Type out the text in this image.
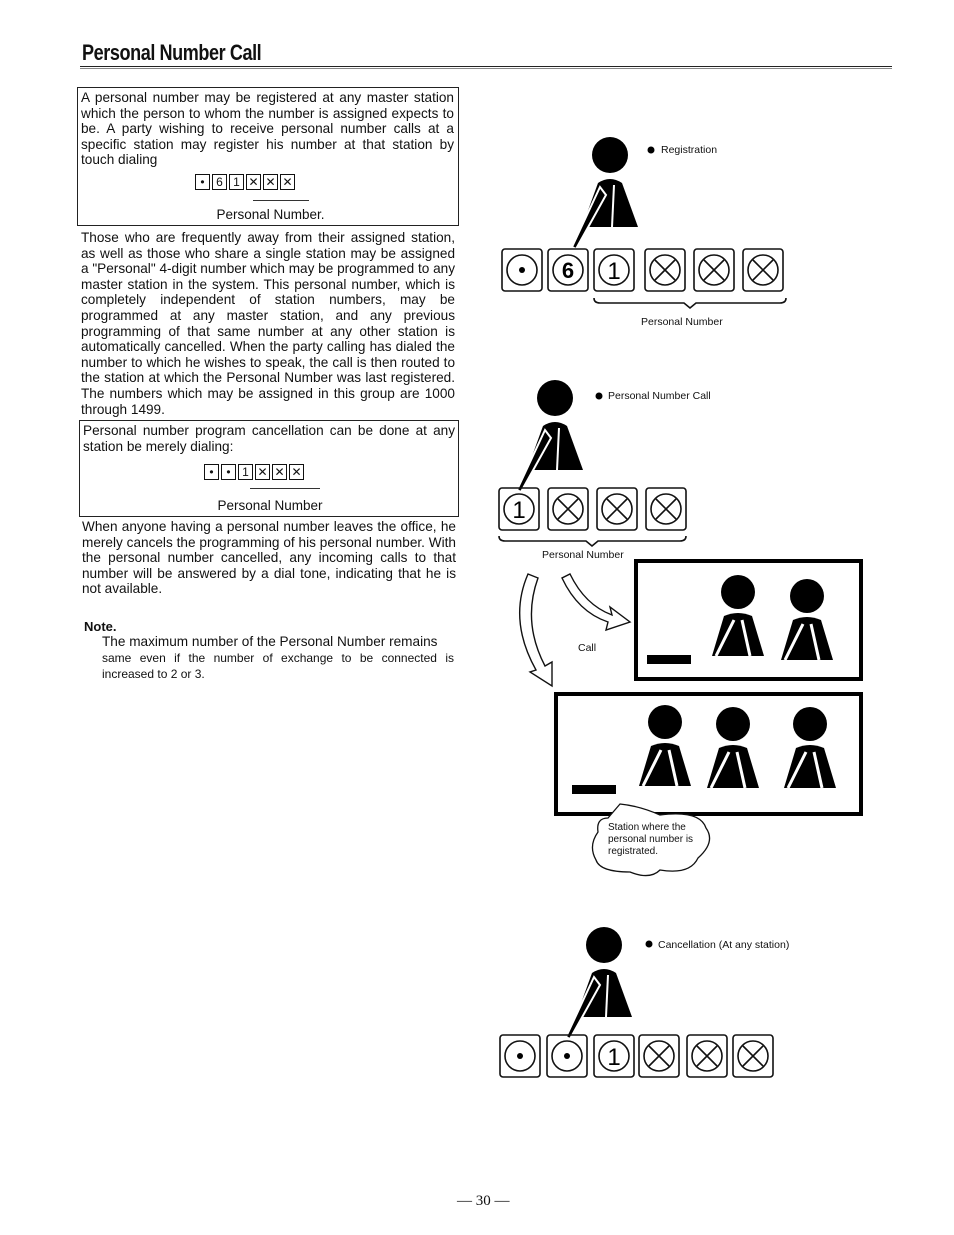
Personal Number Call
A personal number may be registered at any master station which the person to whom the number is assigned expects to be. A party wishing to receive personal number calls at a specific station may register his number at that station by touch dialing
• 6 1 ✕ ✕ ✕
Personal Number.
Those who are frequently away from their assigned station, as well as those who share a single station may be assigned a "Personal" 4-digit number which may be programmed to any master station in the system. This personal number, which is completely independent of station numbers, may be programmed at any master station, and any previous programming of that same number at any other station is automatically cancelled. When the party calling has dialed the number to which he wishes to speak, the call is then routed to the station at which the Personal Number was last registered. The numbers which may be assigned in this group are 1000 through 1499.
Personal number program cancellation can be done at any station be merely dialing:
•	• 1 ✕ ✕ ✕
Personal Number
When anyone having a personal number leaves the office, he merely cancels the programming of his personal number. With the personal number cancelled, any incoming calls to that number will be answered by a dial tone, indicating that he is not available.
Note.
The maximum number of the Personal Number remains
same even if the number of exchange to be connected is increased to 2 or 3.
6 1
1
1
Registration
Personal Number
Personal Number Call
Personal Number
Call
Station where the personal number is registrated.
Cancellation (At any station)
— 30 —
